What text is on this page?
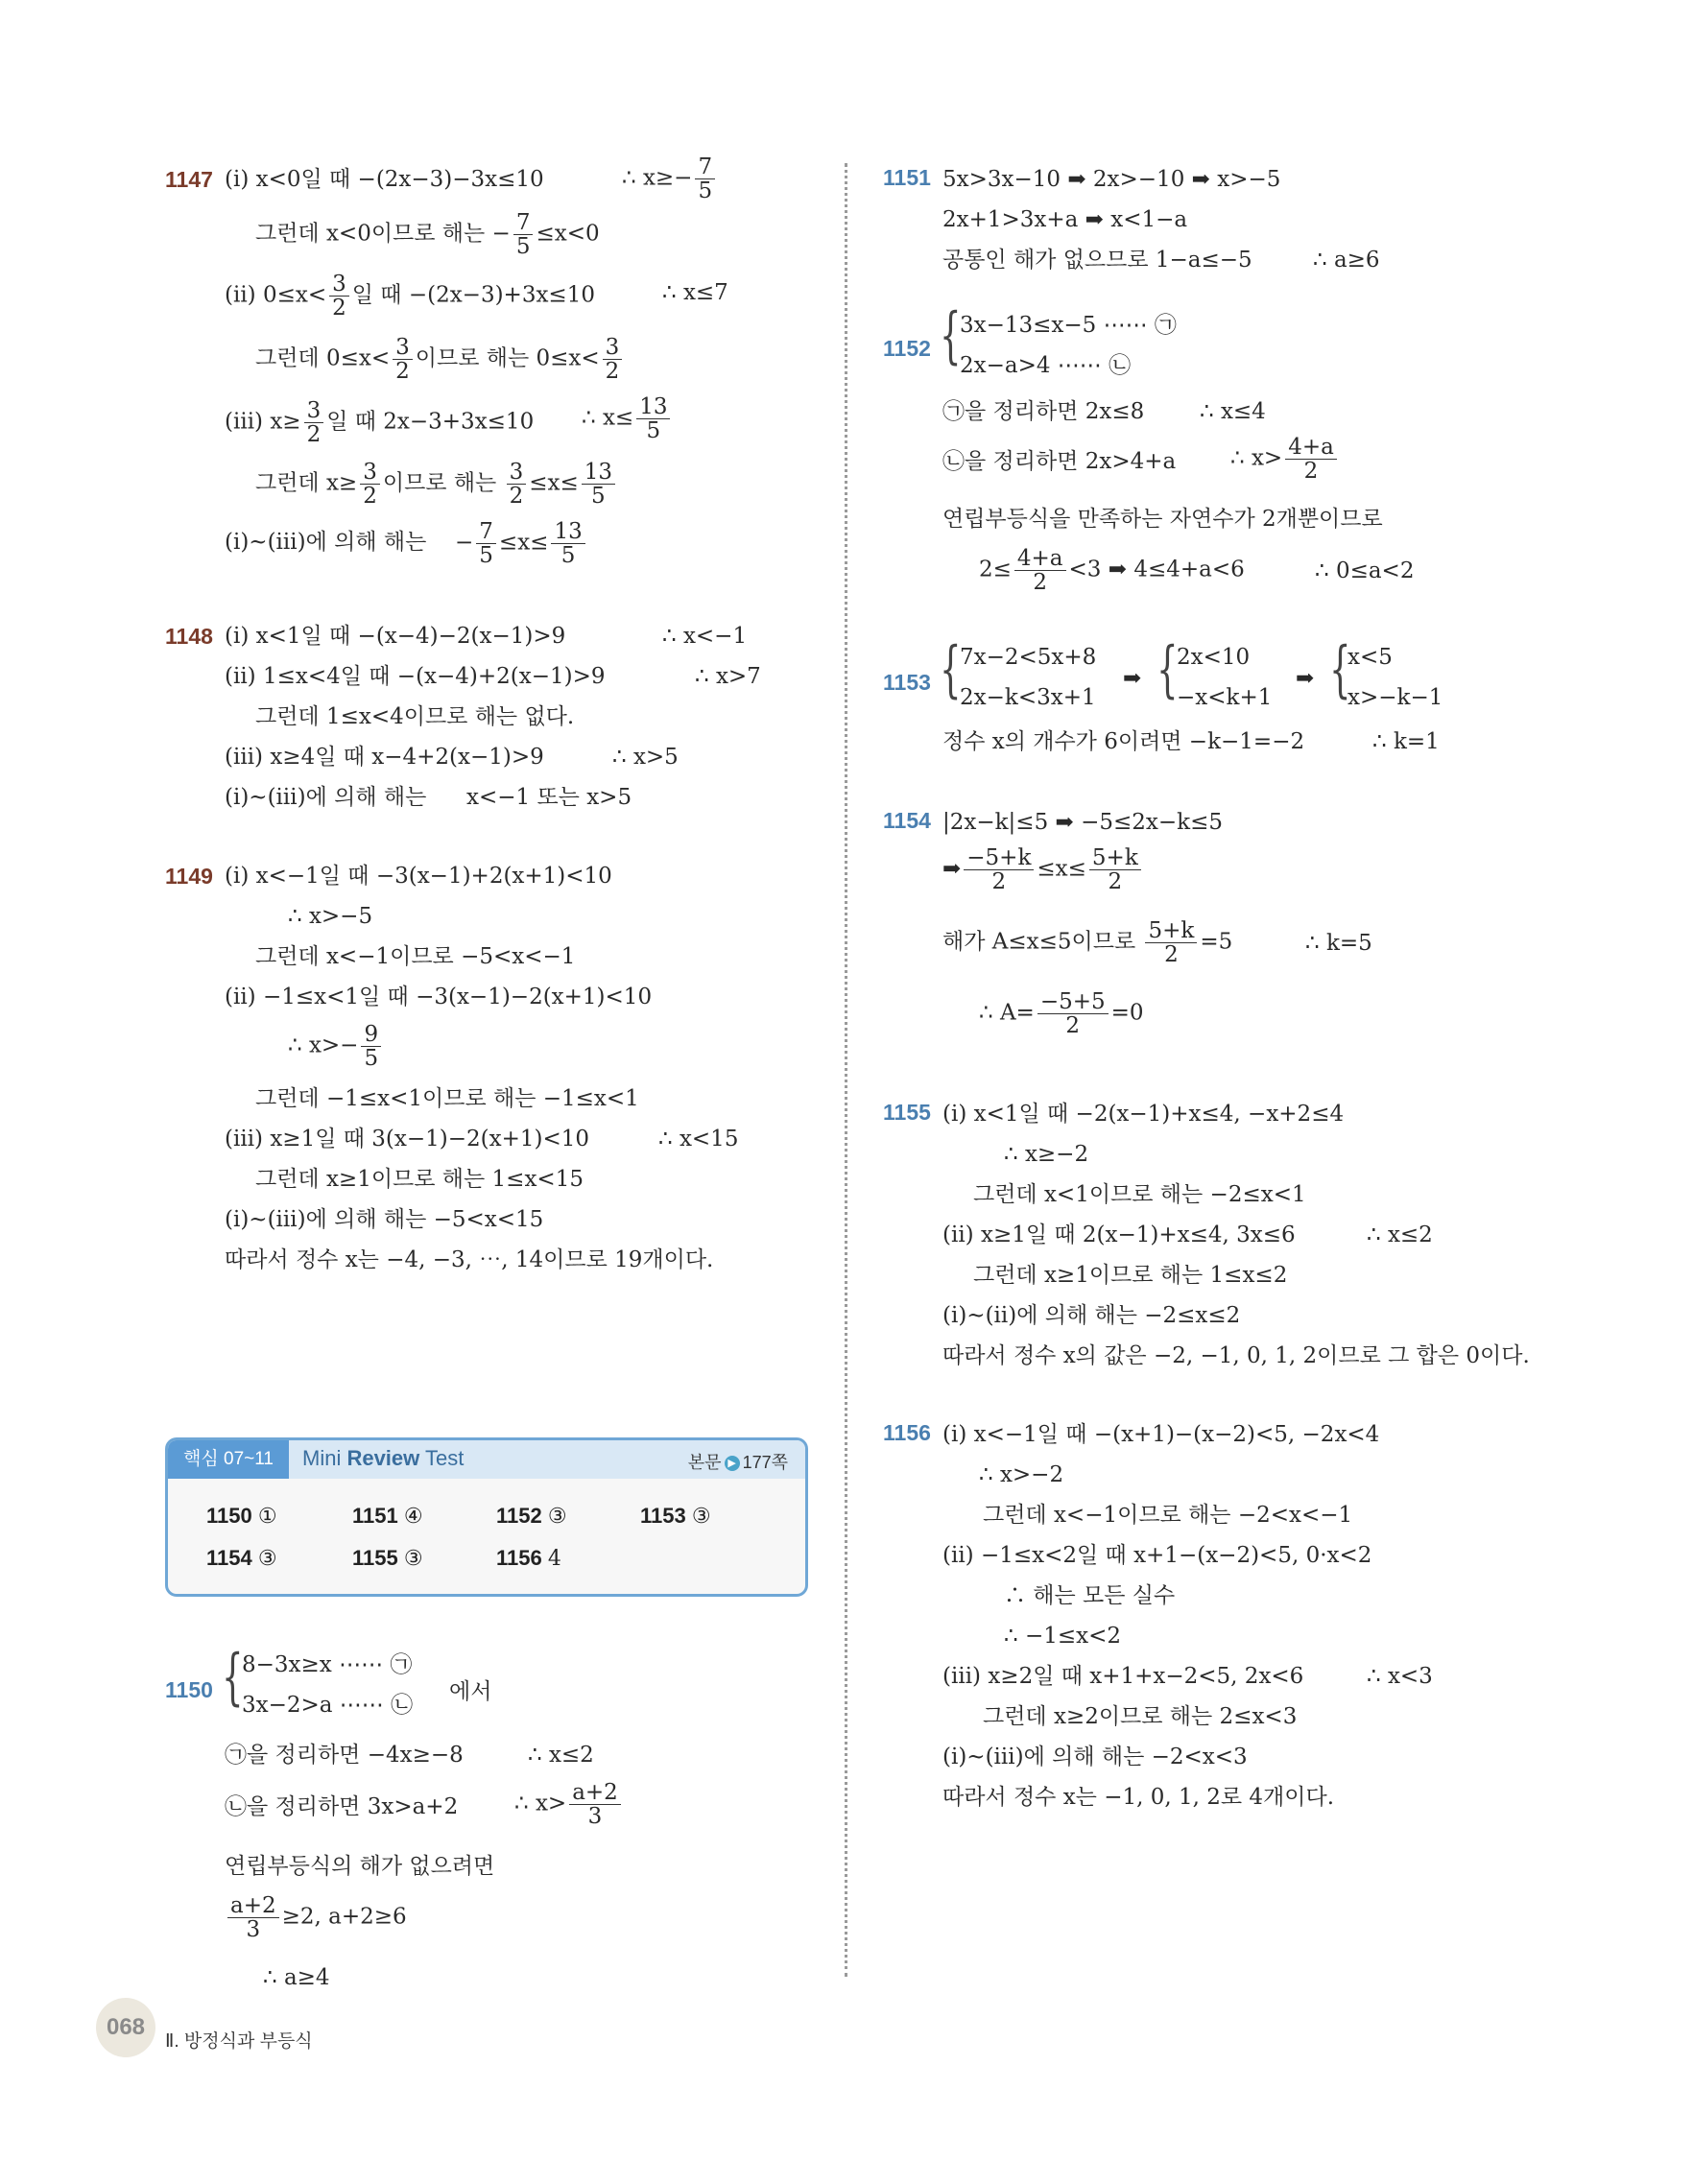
1147 (ⅰ) x<0일 때 −(2x−3)−3x≤10	∴ $x\ge- \frac{7}{5}$
그런데 x<0이므로 해는 − $\frac{7}{5} \le x<0$
(ⅱ) $0\le x< \frac{3}{2}$ 일 때 −(2x−3)+3x≤10	∴ x≤7
그런데 $0\le x< \frac{3}{2}$ 이므로 해는 $0\le x< \frac{3}{2}$
(ⅲ) $x\ge \frac{3}{2}$ 일 때 2x−3+3x≤10 ∴ $x\le \frac{13}{5}$
그런데 $x\ge \frac{3}{2}$ 이므로 해는 $\frac{3}{2} \le x\le \frac{13}{5}$
(ⅰ)~(ⅲ)에 의해 해는 − $\frac{7}{5} \le x\le \frac{13}{5}$
1148 (ⅰ) x<1일 때 −(x−4)−2(x−1)>9	∴ x<−1
(ⅱ) 1≤x<4일 때 −(x−4)+2(x−1)>9	∴ x>7
그런데 1≤x<4이므로 해는 없다.
(ⅲ) x≥4일 때 x−4+2(x−1)>9	∴ x>5
(ⅰ)~(ⅲ)에 의해 해는 x<−1 또는 x>5
1149 (ⅰ) x<−1일 때 −3(x−1)+2(x+1)<10
∴ x>−5
그런데 x<−1이므로 −5<x<−1
(ⅱ) −1≤x<1일 때 −3(x−1)−2(x+1)<10
∴ $x>- \frac{9}{5}$
그런데 −1≤x<1이므로 해는 −1≤x<1
(ⅲ) x≥1일 때 3(x−1)−2(x+1)<10	∴ x<15
그런데 x≥1이므로 해는 1≤x<15
(ⅰ)~(ⅲ)에 의해 해는 −5<x<15
따라서 정수 x는 −4, −3, ⋯, 14이므로 19개이다.
핵심 07~11	Mini Review Test	본문 ▶ 177쪽
1150 ①	1151 ④	1152 ③	1153 ③
1154 ③	1155 ③	1156 4
1150 {
8−3x≥x ⋯⋯ ㉠
3x−2>a ⋯⋯ ㉡
에서
㉠을 정리하면 −4x≥−8	∴ x≤2
㉡을 정리하면 3x>a+2	∴ $x> \frac{a+2}{3}$
연립부등식의 해가 없으려면
$\frac{a+2}{3} \ge 2$, a+2≥6
∴ a≥4
1151 5x>3x−10 ➡ 2x>−10 ➡ x>−5
2x+1>3x+a ➡ x<1−a
공통인 해가 없으므로 1−a≤−5	∴ a≥6
1152 {
3x−13≤x−5 ⋯⋯ ㉠
2x−a>4 ⋯⋯ ㉡
㉠을 정리하면 2x≤8	∴ x≤4
㉡을 정리하면 2x>4+a ∴ $x> \frac{4+a}{2}$
연립부등식을 만족하는 자연수가 2개뿐이므로
$2\le \frac{4+a}{2} <3$ ➡ 4≤4+a<6	∴ 0≤a<2
1153 {
7x−2<5x+8
2x−k<3x+1
➡ {
2x<10
−x<k+1
➡ {
x<5
x>−k−1
정수 x의 개수가 6이려면 −k−1=−2	∴ k=1
1154 |2x−k|≤5 ➡ −5≤2x−k≤5
➡ $\frac{-5+k}{2} \le x\le \frac{5+k}{2}$
해가 A≤x≤5이므로 $\frac{5+k}{2} =5$	∴ k=5
∴ $A= \frac{-5+5}{2} =0$
1155 (ⅰ) x<1일 때 −2(x−1)+x≤4, −x+2≤4
∴ x≥−2
그런데 x<1이므로 해는 −2≤x<1
(ⅱ) x≥1일 때 2(x−1)+x≤4, 3x≤6	∴ x≤2
그런데 x≥1이므로 해는 1≤x≤2
(ⅰ)~(ⅱ)에 의해 해는 −2≤x≤2
따라서 정수 x의 값은 −2, −1, 0, 1, 2이므로 그 합은 0이다.
1156 (ⅰ) x<−1일 때 −(x+1)−(x−2)<5, −2x<4
∴ x>−2
그런데 x<−1이므로 해는 −2<x<−1
(ⅱ) −1≤x<2일 때 x+1−(x−2)<5, 0·x<2
∴ 해는 모든 실수
∴ −1≤x<2
(ⅲ) x≥2일 때 x+1+x−2<5, 2x<6	∴ x<3
그런데 x≥2이므로 해는 2≤x<3
(ⅰ)~(ⅲ)에 의해 해는 −2<x<3
따라서 정수 x는 −1, 0, 1, 2로 4개이다.
068
Ⅱ. 방정식과 부등식
